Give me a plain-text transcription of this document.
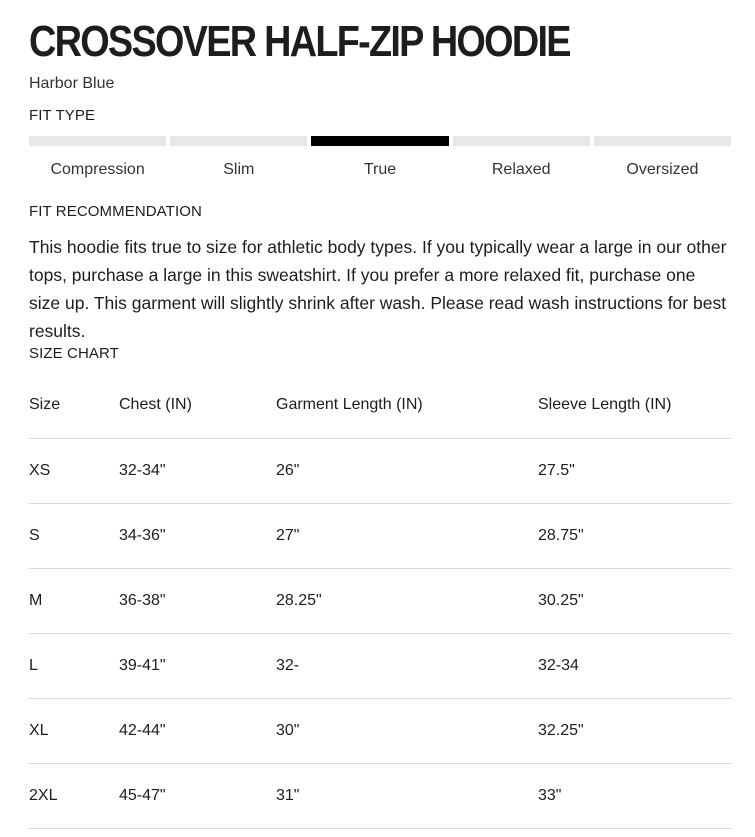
CROSSOVER HALF-ZIP HOODIE
Harbor Blue
FIT TYPE
Compression	Slim	True	Relaxed	Oversized
FIT RECOMMENDATION

This hoodie fits true to size for athletic body types. If you typically wear a large in our other tops, purchase a large in this sweatshirt. If you prefer a more relaxed fit, purchase one size up. This garment will slightly shrink after wash. Please read wash instructions for best results.

SIZE CHART
Size	Chest (IN)	Garment Length (IN)	Sleeve Length (IN)
XS	32-34"	26"	27.5"
S	34-36"	27"	28.75"
M	36-38"	28.25"	30.25"
L	39-41"	32-	32-34
XL	42-44"	30"	32.25"
2XL	45-47"	31"	33"
